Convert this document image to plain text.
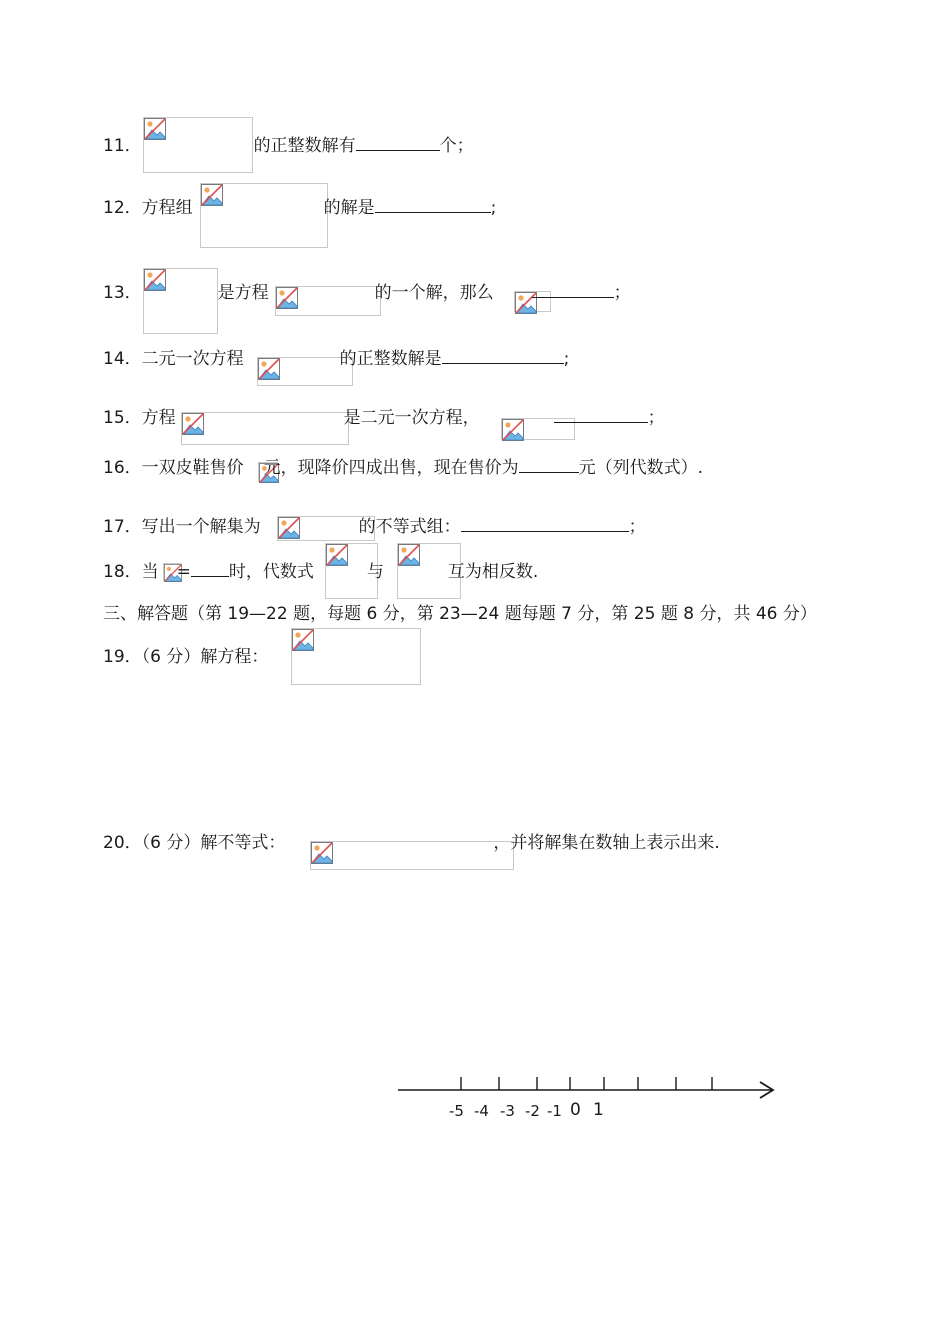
11．	的正整数解有	个；
12．方程组	的解是	;
13．	是方程	的一个解，那么	；
14．二元一次方程	的正整数解是	;
15．方程	是二元一次方程，	；
16．一双皮鞋售价 元，现降价四成出售，现在售价为	元（列代数式）.
17．写出一个解集为	的不等式组：	；
18．当 = 时，代数式	与	互为相反数.
三、解答题（第 19—22 题，每题 6 分，第 23—24 题每题 7 分，第 25 题 8 分，共 46 分）
19．（6 分）解方程：
20．（6 分）解不等式：	，并将解集在数轴上表示出来.
-5 -4 -3 -2 -1 0 1
